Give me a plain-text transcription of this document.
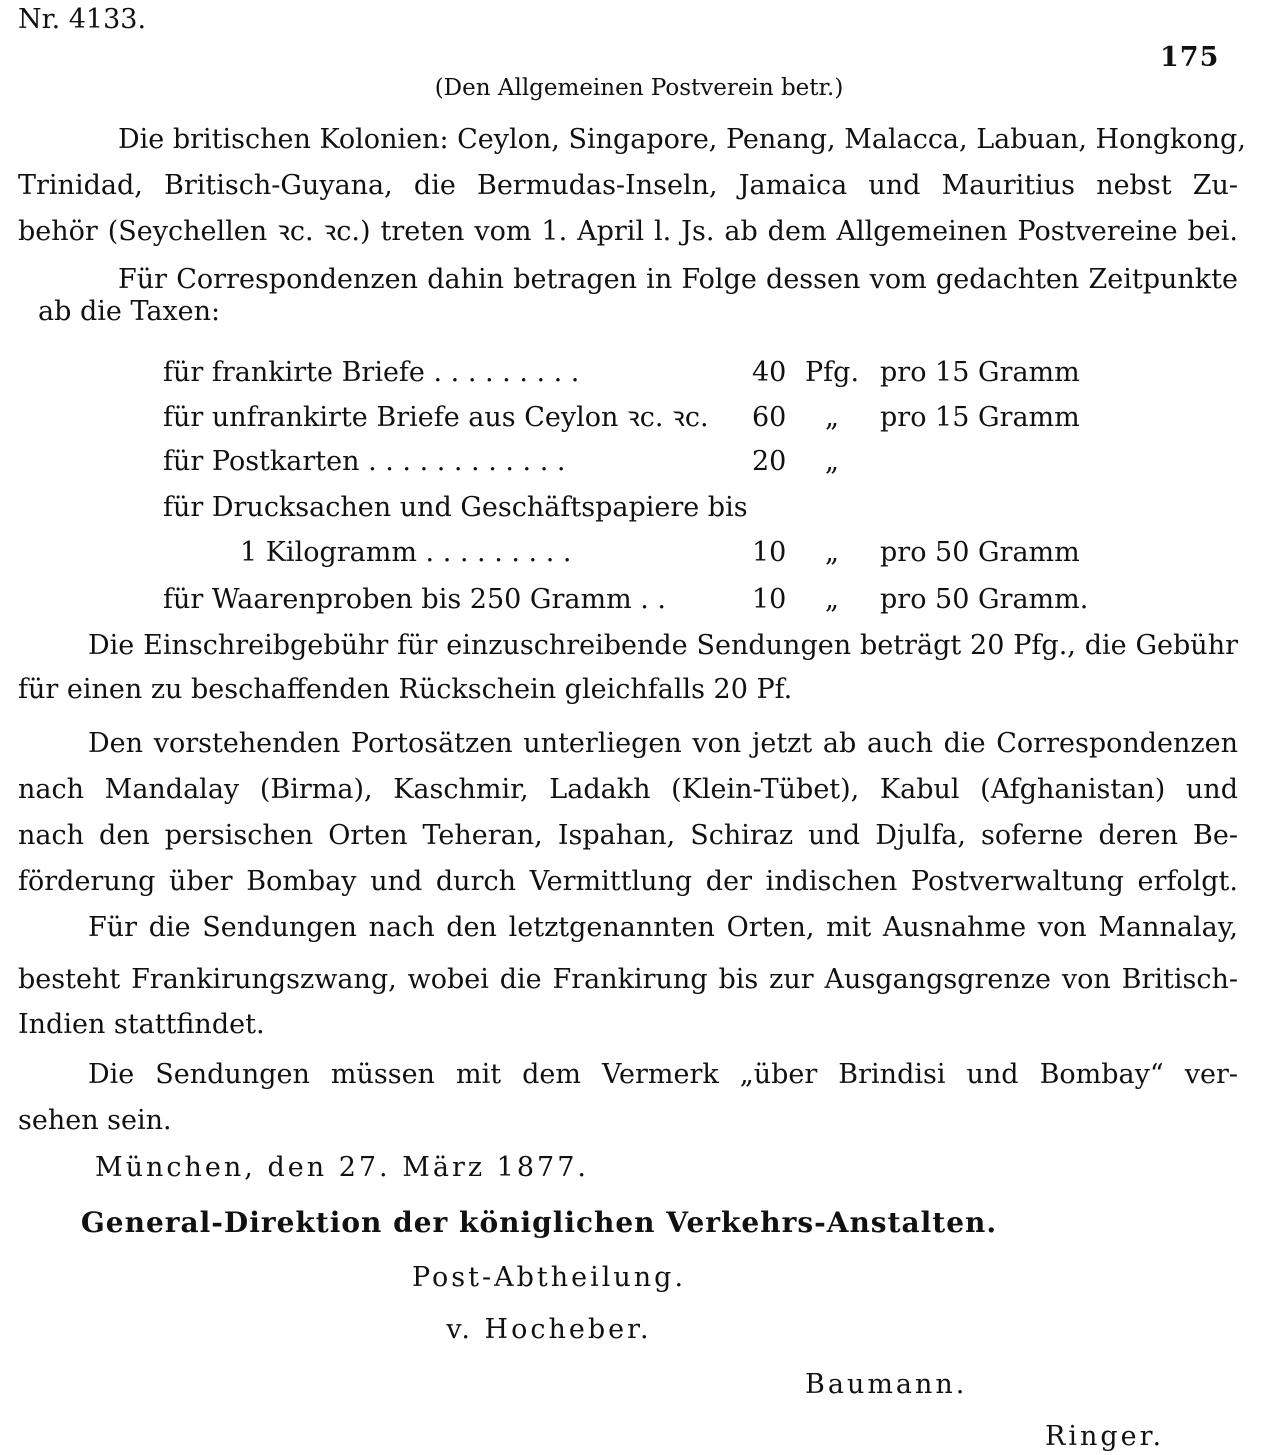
Nr. 4133.
175
(Den Allgemeinen Postverein betr.)
Die britischen Kolonien: Ceylon, Singapore, Penang, Malacca, Labuan, Hongkong,
Trinidad, Britisch-Guyana, die Bermudas-Inseln, Jamaica und Mauritius nebst Zu-
behör (Seychellen ꝛc. ꝛc.) treten vom 1. April l. Js. ab dem Allgemeinen Postvereine bei.
Für Correspondenzen dahin betragen in Folge dessen vom gedachten Zeitpunkte
ab die Taxen:
für frankirte Briefe . . . . . . . . .	40 Pfg. pro 15 Gramm
für unfrankirte Briefe aus Ceylon ꝛc. ꝛc. 60 „ pro 15 Gramm
für Postkarten . . . . . . . . . . . .	20 „
für Drucksachen und Geschäftspapiere bis
1 Kilogramm . . . . . . . . .	10 „ pro 50 Gramm
für Waarenproben bis 250 Gramm . .	10 „ pro 50 Gramm.
Die Einschreibgebühr für einzuschreibende Sendungen beträgt 20 Pfg., die Gebühr
für einen zu beschaffenden Rückschein gleichfalls 20 Pf.
Den vorstehenden Portosätzen unterliegen von jetzt ab auch die Correspondenzen
nach Mandalay (Birma), Kaschmir, Ladakh (Klein-Tübet), Kabul (Afghanistan) und
nach den persischen Orten Teheran, Ispahan, Schiraz und Djulfa, soferne deren Be-
förderung über Bombay und durch Vermittlung der indischen Postverwaltung erfolgt.
Für die Sendungen nach den letztgenannten Orten, mit Ausnahme von Mannalay,
besteht Frankirungszwang, wobei die Frankirung bis zur Ausgangsgrenze von Britisch-
Indien stattfindet.
Die Sendungen müssen mit dem Vermerk „über Brindisi und Bombay“ ver-
sehen sein.
München, den 27. März 1877.
General-Direktion der königlichen Verkehrs-Anstalten.
Post-Abtheilung.
v. Hocheber.
Baumann.
Ringer.
